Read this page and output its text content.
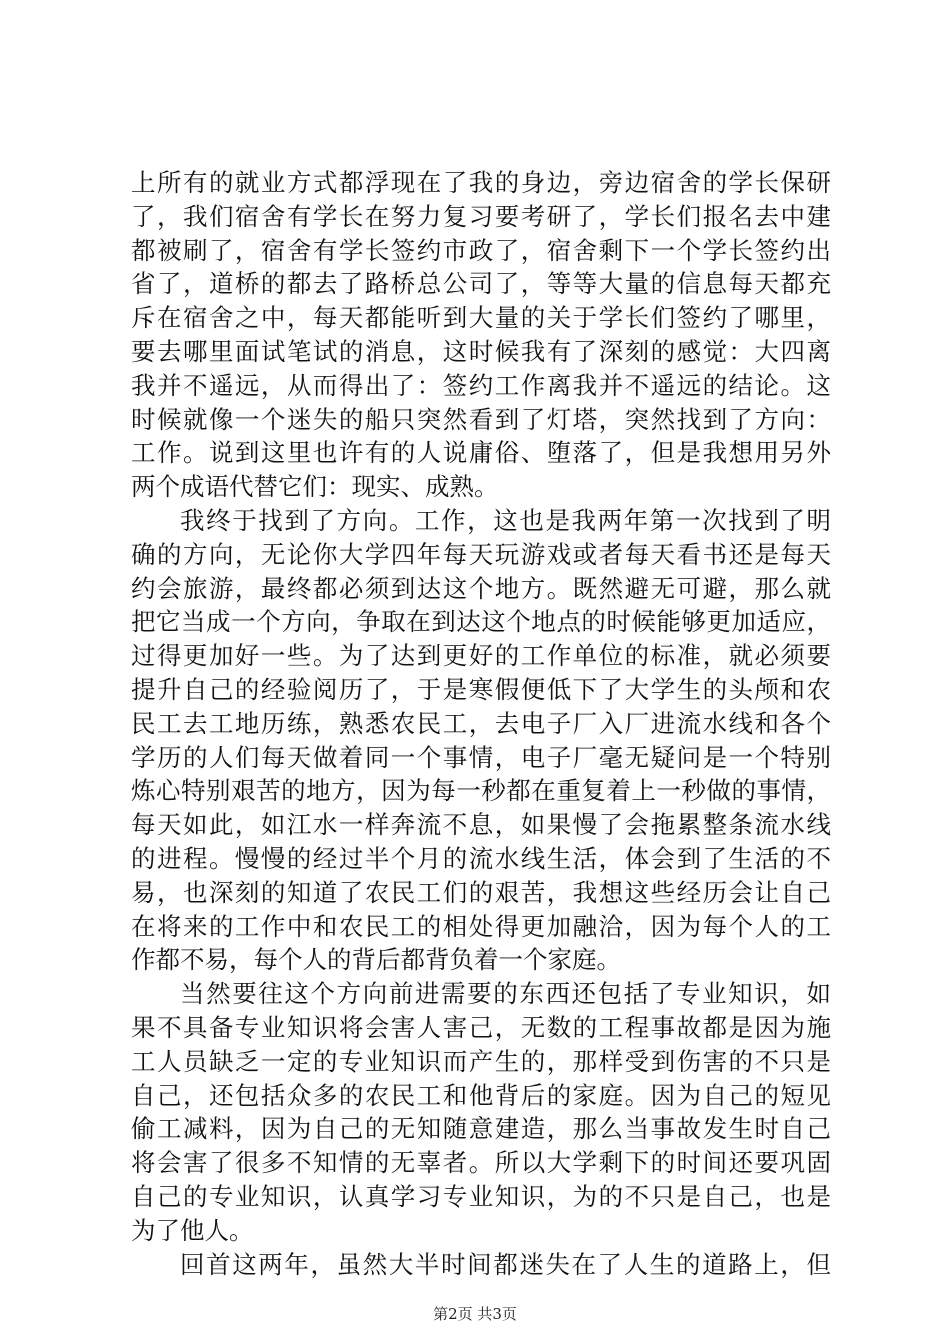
上所有的就业方式都浮现在了我的身边，旁边宿舍的学长保研
了，我们宿舍有学长在努力复习要考研了，学长们报名去中建
都被刷了，宿舍有学长签约市政了，宿舍剩下一个学长签约出
省了，道桥的都去了路桥总公司了，等等大量的信息每天都充
斥在宿舍之中，每天都能听到大量的关于学长们签约了哪里，
要去哪里面试笔试的消息，这时候我有了深刻的感觉：大四离
我并不遥远，从而得出了：签约工作离我并不遥远的结论。这
时候就像一个迷失的船只突然看到了灯塔，突然找到了方向：
工作。说到这里也许有的人说庸俗、堕落了，但是我想用另外
两个成语代替它们：现实、成熟。
我终于找到了方向。工作，这也是我两年第一次找到了明
确的方向，无论你大学四年每天玩游戏或者每天看书还是每天
约会旅游，最终都必须到达这个地方。既然避无可避，那么就
把它当成一个方向，争取在到达这个地点的时候能够更加适应，
过得更加好一些。为了达到更好的工作单位的标准，就必须要
提升自己的经验阅历了，于是寒假便低下了大学生的头颅和农
民工去工地历练，熟悉农民工，去电子厂入厂进流水线和各个
学历的人们每天做着同一个事情，电子厂毫无疑问是一个特别
炼心特别艰苦的地方，因为每一秒都在重复着上一秒做的事情，
每天如此，如江水一样奔流不息，如果慢了会拖累整条流水线
的进程。慢慢的经过半个月的流水线生活，体会到了生活的不
易，也深刻的知道了农民工们的艰苦，我想这些经历会让自己
在将来的工作中和农民工的相处得更加融洽，因为每个人的工
作都不易，每个人的背后都背负着一个家庭。
当然要往这个方向前进需要的东西还包括了专业知识，如
果不具备专业知识将会害人害己，无数的工程事故都是因为施
工人员缺乏一定的专业知识而产生的，那样受到伤害的不只是
自己，还包括众多的农民工和他背后的家庭。因为自己的短见
偷工减料，因为自己的无知随意建造，那么当事故发生时自己
将会害了很多不知情的无辜者。所以大学剩下的时间还要巩固
自己的专业知识，认真学习专业知识，为的不只是自己，也是
为了他人。
回首这两年，虽然大半时间都迷失在了人生的道路上，但
第2页 共3页
